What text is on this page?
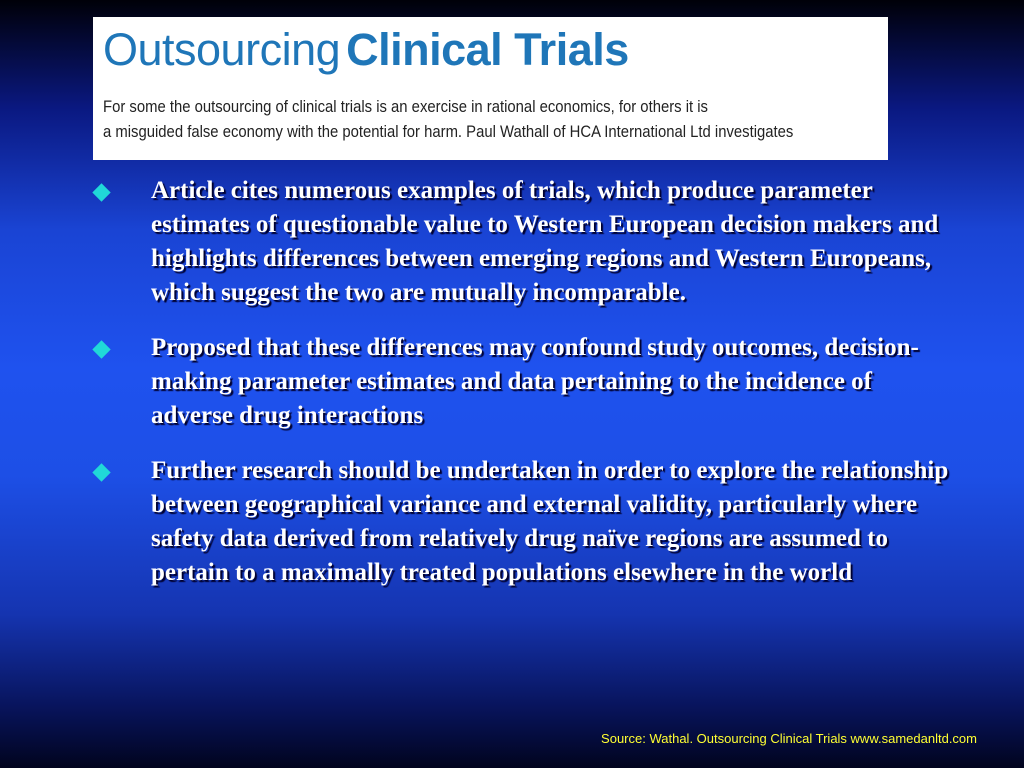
Outsourcing Clinical Trials
For some the outsourcing of clinical trials is an exercise in rational economics, for others it is
a misguided false economy with the potential for harm. Paul Wathall of HCA International Ltd investigates
Article cites numerous examples of trials, which produce parameter estimates of questionable value to Western European decision makers and highlights differences between emerging regions and Western Europeans, which suggest the two are mutually incomparable.
Proposed that these differences may confound study outcomes, decision-making parameter estimates and data pertaining to the incidence of adverse drug interactions
Further research should be undertaken in order to explore the relationship between geographical variance and external validity, particularly where safety data derived from relatively drug naïve regions are assumed to pertain to a maximally treated populations elsewhere in the world
Source: Wathal. Outsourcing Clinical Trials www.samedanltd.com
